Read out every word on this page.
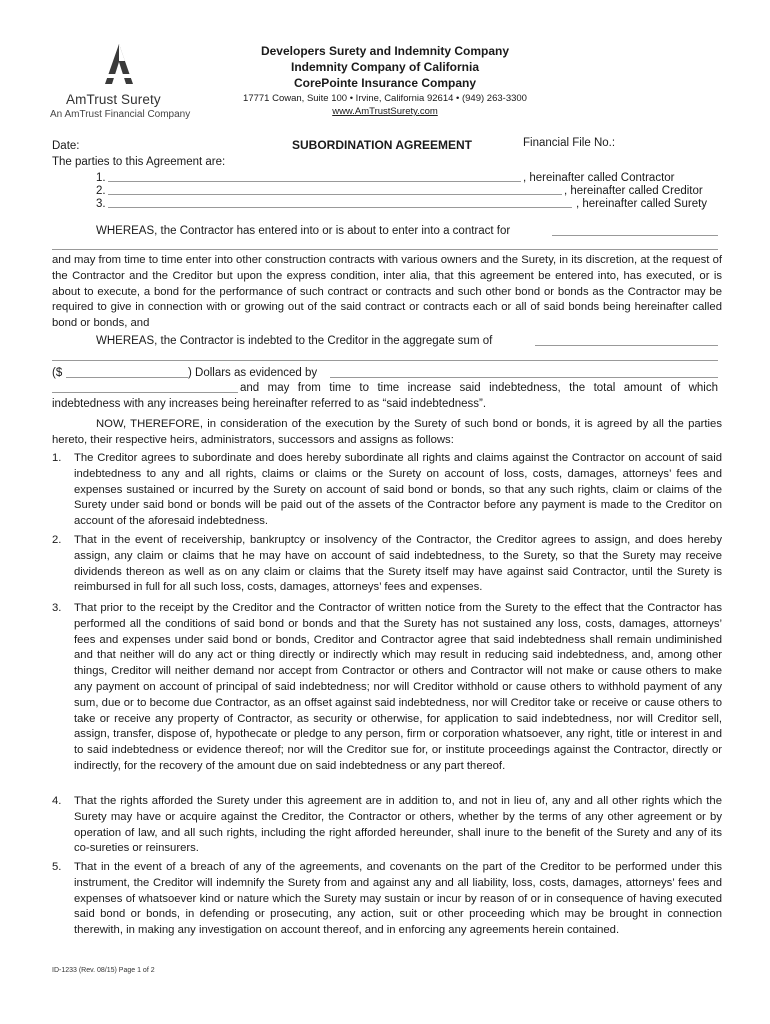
AmTrust Surety
An AmTrust Financial Company
Developers Surety and Indemnity Company
Indemnity Company of California
CorePointe Insurance Company
17771 Cowan, Suite 100 • Irvine, California 92614 • (949) 263-3300
www.AmTrustSurety.com
Date:	SUBORDINATION AGREEMENT	Financial File No.:
The parties to this Agreement are:
1.	, hereinafter called Contractor
2.	, hereinafter called Creditor
3.	, hereinafter called Surety
WHEREAS, the Contractor has entered into or is about to enter into a contract for
and may from time to time enter into other construction contracts with various owners and the Surety, in its discretion, at the request of the Contractor and the Creditor but upon the express condition, inter alia, that this agreement be entered into, has executed, or is about to execute, a bond for the performance of such contract or contracts and such other bond or bonds as the Contractor may be required to give in connection with or growing out of the said contract or contracts each or all of said bonds being hereinafter called bond or bonds, and
WHEREAS, the Contractor is indebted to the Creditor in the aggregate sum of
($	) Dollars as evidenced by
and may from time to time increase said indebtedness, the total amount of which
indebtedness with any increases being hereinafter referred to as “said indebtedness”.
NOW, THEREFORE, in consideration of the execution by the Surety of such bond or bonds, it is agreed by all the parties hereto, their respective heirs, administrators, successors and assigns as follows:
1. The Creditor agrees to subordinate and does hereby subordinate all rights and claims against the Contractor on account of said indebtedness to any and all rights, claims or claims or the Surety on account of loss, costs, damages, attorneys’ fees and expenses sustained or incurred by the Surety on account of said bond or bonds, so that any such rights, claim or claims of the Surety under said bond or bonds will be paid out of the assets of the Contractor before any payment is made to the Creditor on account of the aforesaid indebtedness.
2. That in the event of receivership, bankruptcy or insolvency of the Contractor, the Creditor agrees to assign, and does hereby assign, any claim or claims that he may have on account of said indebtedness, to the Surety, so that the Surety may receive dividends thereon as well as on any claim or claims that the Surety itself may have against said Contractor, until the Surety is reimbursed in full for all such loss, costs, damages, attorneys’ fees and expenses.
3. That prior to the receipt by the Creditor and the Contractor of written notice from the Surety to the effect that the Contractor has performed all the conditions of said bond or bonds and that the Surety has not sustained any loss, costs, damages, attorneys’ fees and expenses under said bond or bonds, Creditor and Contractor agree that said indebtedness shall remain undiminished and that neither will do any act or thing directly or indirectly which may result in reducing said indebtedness, and, among other things, Creditor will neither demand nor accept from Contractor or others and Contractor will not make or cause others to make any payment on account of principal of said indebtedness; nor will Creditor withhold or cause others to withhold payment of any sum, due or to become due Contractor, as an offset against said indebtedness, nor will Creditor take or receive or cause others to take or receive any property of Contractor, as security or otherwise, for application to said indebtedness, nor will Creditor sell, assign, transfer, dispose of, hypothecate or pledge to any person, firm or corporation whatsoever, any right, title or interest in and to said indebtedness or evidence thereof; nor will the Creditor sue for, or institute proceedings against the Contractor, directly or indirectly, for the recovery of the amount due on said indebtedness or any part thereof.
4. That the rights afforded the Surety under this agreement are in addition to, and not in lieu of, any and all other rights which the Surety may have or acquire against the Creditor, the Contractor or others, whether by the terms of any other agreement or by operation of law, and all such rights, including the right afforded hereunder, shall inure to the benefit of the Surety and any of its co-sureties or reinsurers.
5. That in the event of a breach of any of the agreements, and covenants on the part of the Creditor to be performed under this instrument, the Creditor will indemnify the Surety from and against any and all liability, loss, costs, damages, attorneys’ fees and expenses of whatsoever kind or nature which the Surety may sustain or incur by reason of or in consequence of having executed said bond or bonds, in defending or prosecuting, any action, suit or other proceeding which may be brought in connection therewith, in making any investigation on account thereof, and in enforcing any agreements herein contained.
ID-1233 (Rev. 08/15) Page 1 of 2
